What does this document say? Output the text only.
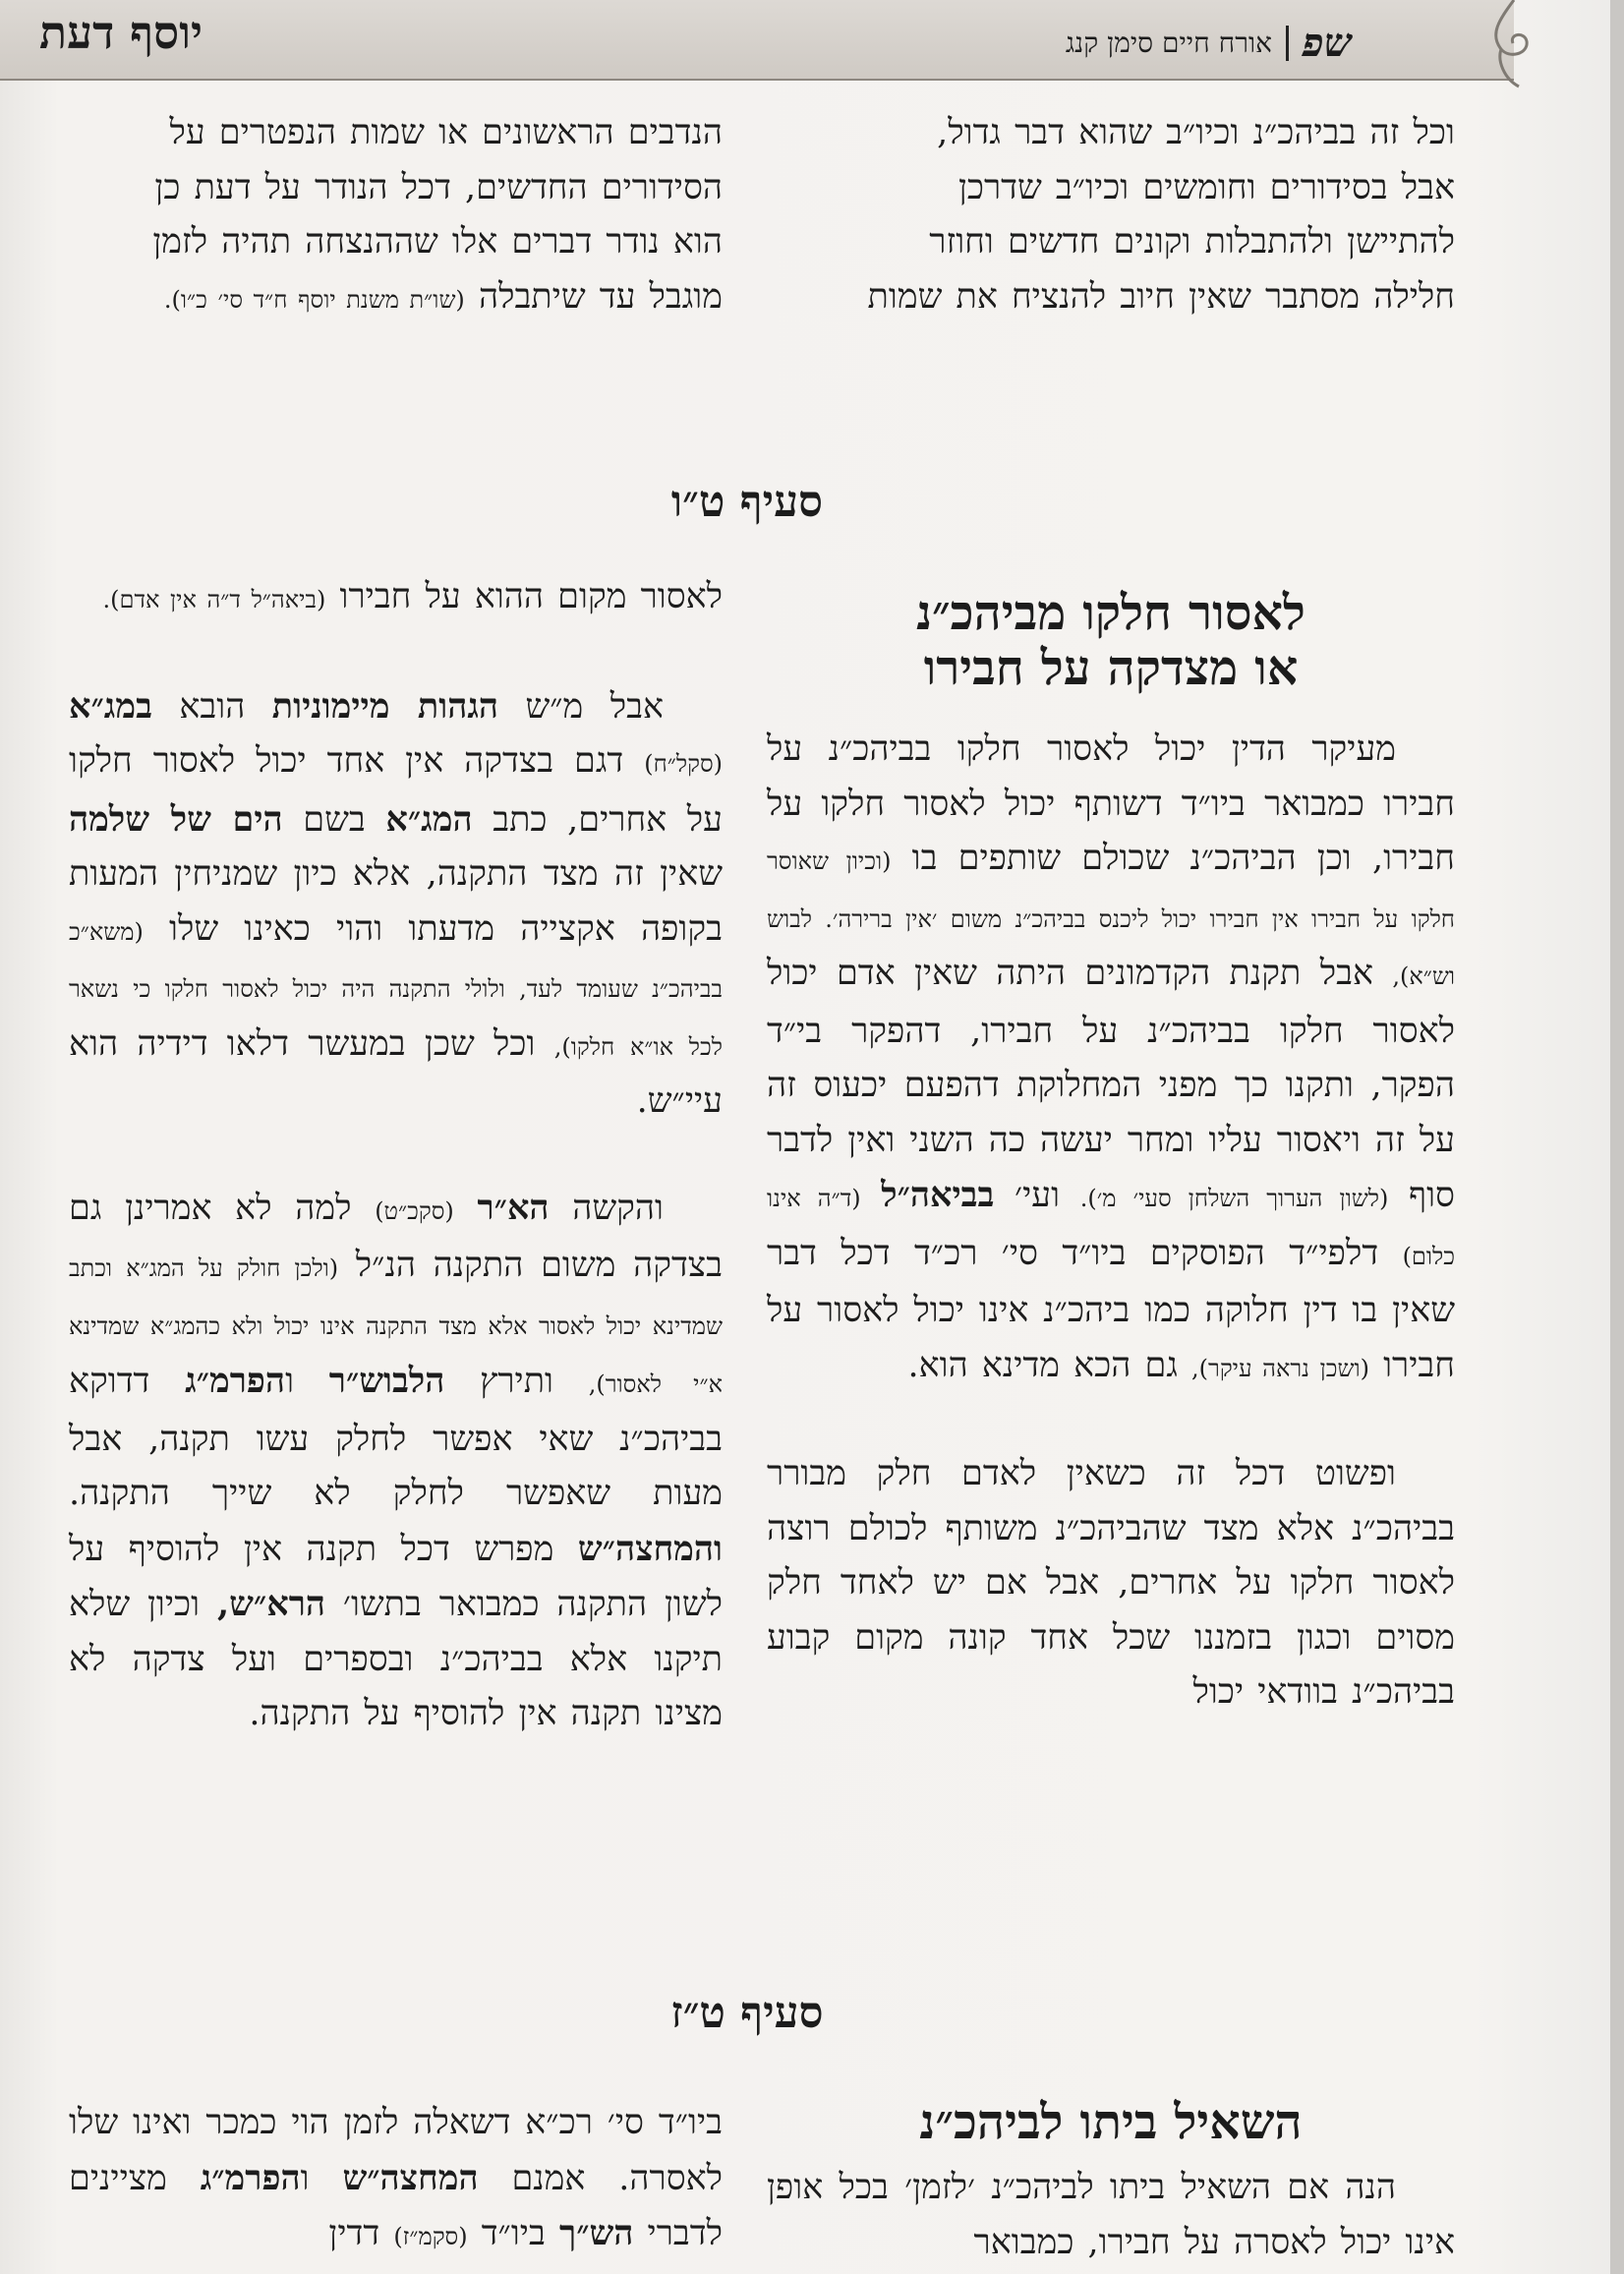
יוסף דעת	שפ
אורח חיים סימן קנג

וכל זה בביהכ״נ וכיו״ב שהוא דבר גדול,

אבל בסידורים וחומשים וכיו״ב שדרכן

להתיישן ולהתבלות וקונים חדשים וחוזר

חלילה מסתבר שאין חיוב להנציח את שמות

הנדבים הראשונים או שמות הנפטרים על

הסידורים החדשים, דכל הנודר על דעת כן

הוא נודר דברים אלו שההנצחה תהיה לזמן

מוגבל עד שיתבלה (שו״ת משנת יוסף ח״ד סי׳ כ״ו).

סעיף ט״ו
לאסור חלקו מביהכ״נ
או מצדקה על חבירו

מעיקר הדין יכול לאסור חלקו בביהכ״נ על חבירו כמבואר ביו״ד דשותף יכול לאסור חלקו על חבירו, וכן הביהכ״נ שכולם שותפים בו (וכיון שאוסר חלקו על חבירו אין חבירו יכול ליכנס בביהכ״נ משום ׳אין ברירה׳. לבוש וש״א), אבל תקנת הקדמונים היתה שאין אדם יכול לאסור חלקו בביהכ״נ על חבירו, דהפקר בי״ד הפקר, ותקנו כך מפני המחלוקת דהפעם יכעוס זה על זה ויאסור עליו ומחר יעשה כה השני ואין לדבר סוף (לשון הערוך השלחן סעי׳ מ׳). ועי׳ בביאה״ל (ד״ה אינו כלום) דלפי״ד הפוסקים ביו״ד סי׳ רכ״ד דכל דבר שאין בו דין חלוקה כמו ביהכ״נ אינו יכול לאסור על חבירו (ושכן נראה עיקר), גם הכא מדינא הוא.

ופשוט דכל זה כשאין לאדם חלק מבורר בביהכ״נ אלא מצד שהביהכ״נ משותף לכולם רוצה לאסור חלקו על אחרים, אבל אם יש לאחד חלק מסוים וכגון בזמננו שכל אחד קונה מקום קבוע בביהכ״נ בוודאי יכול

לאסור מקום ההוא על חבירו (ביאה״ל ד״ה אין אדם).

אבל מ״ש הגהות מיימוניות הובא במג״א (סקל״ח) דגם בצדקה אין אחד יכול לאסור חלקו על אחרים, כתב המג״א בשם הים של שלמה שאין זה מצד התקנה, אלא כיון שמניחין המעות בקופה אקצייה מדעתו והוי כאינו שלו (משא״כ בביהכ״נ שעומד לעד, ולולי התקנה היה יכול לאסור חלקו כי נשאר לכל או״א חלקו), וכל שכן במעשר דלאו דידיה הוא עיי״ש.

והקשה הא״ר (סקכ״ט) למה לא אמרינן גם בצדקה משום התקנה הנ״ל (ולכן חולק על המג״א וכתב שמדינא יכול לאסור אלא מצד התקנה אינו יכול ולא כהמג״א שמדינא א״י לאסור), ותירץ הלבוש״ר והפרמ״ג דדוקא בביהכ״נ שאי אפשר לחלק עשו תקנה, אבל מעות שאפשר לחלק לא שייך התקנה. והמחצה״ש מפרש דכל תקנה אין להוסיף על לשון התקנה כמבואר בתשו׳ הרא״ש, וכיון שלא תיקנו אלא בביהכ״נ ובספרים ועל צדקה לא מצינו תקנה אין להוסיף על התקנה.

סעיף ט״ז
השאיל ביתו לביהכ״נ

הנה אם השאיל ביתו לביהכ״נ ׳לזמן׳ בכל אופן אינו יכול לאסרה על חבירו, כמבואר

ביו״ד סי׳ רכ״א דשאלה לזמן הוי כמכר ואינו שלו לאסרה. אמנם המחצה״ש והפרמ״ג מציינים לדברי הש״ך ביו״ד (סקמ״ז) דדין
